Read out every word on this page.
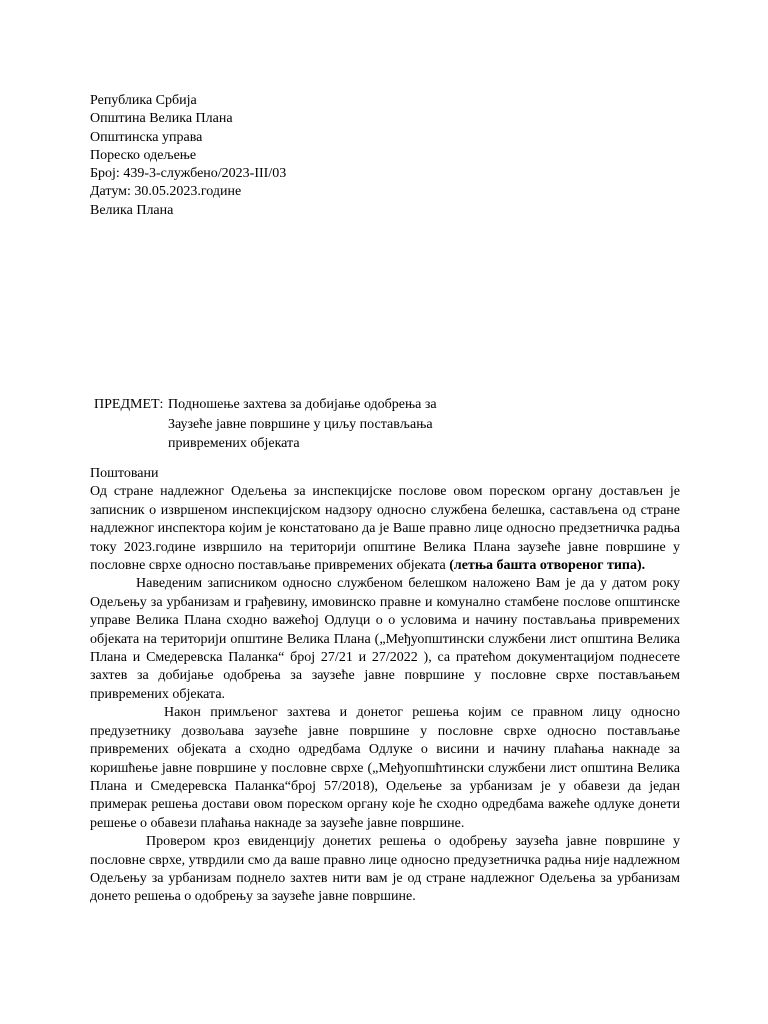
Република Србија
Општина Велика Плана
Општинска управа
Пореско одељење
Број: 439-3-службено/2023-III/03
Датум: 30.05.2023.године
Велика Плана
ПРЕДМЕТ: Подношење захтева за добијање одобрења за
Заузеће јавне површине у циљу постављања
привремених објеката

Поштовани

Од стране надлежног Одељења за инспекцијске послове овом пореском органу достављен је записник о извршеном инспекцијском надзору односно службена белешка, састављена од стране надлежног инспектора којим је констатовано да је Ваше правно лице односно предзетничка радња току 2023.године извршило на територији општине Велика Плана заузеће јавне површине у пословне сврхе односно постављање привремених објеката (летња башта отвореног типа).

Наведеним записником односно службеном белешком наложено Вам је да у датом року Одељењу за урбанизам и грађевину, имовинско правне и комунално стамбене послове општинске управе Велика Плана сходно важећој Одлуци о о условима и начину постављања привремених објеката на територији општине Велика Плана („Међуопштински службени лист општина Велика Плана и Смедеревска Паланка“ број 27/21 и 27/2022 ), са пратећом документацијом поднесете захтев за добијање одобрења за заузеће јавне површине у пословне сврхе постављањем привремених објеката.

Након примљеног захтева и донетог решења којим се правном лицу односно предузетнику дозвољава заузеће јавне површине у пословне сврхе односно постављање привремених објеката а сходно одредбама Одлуке о висини и начину плаћања накнаде за коришћење јавне површине у пословне сврхе („Међуопшћтински службени лист општина Велика Плана и Смедеревска Паланка“број 57/2018), Одељење за урбанизам је у обавези да један примерак решења достави овом пореском органу које ће сходно одредбама важеће одлуке донети решење о обавези плаћања накнаде за заузеће јавне површине.

Провером кроз евиденцију донетих решења о одобрењу заузећа јавне површине у пословне сврхе, утврдили смо да ваше правно лице односно предузетничка радња није надлежном Одељењу за урбанизам поднело захтев нити вам је од стране надлежног Одељења за урбанизам донето решења о одобрењу за заузеће јавне површине.
